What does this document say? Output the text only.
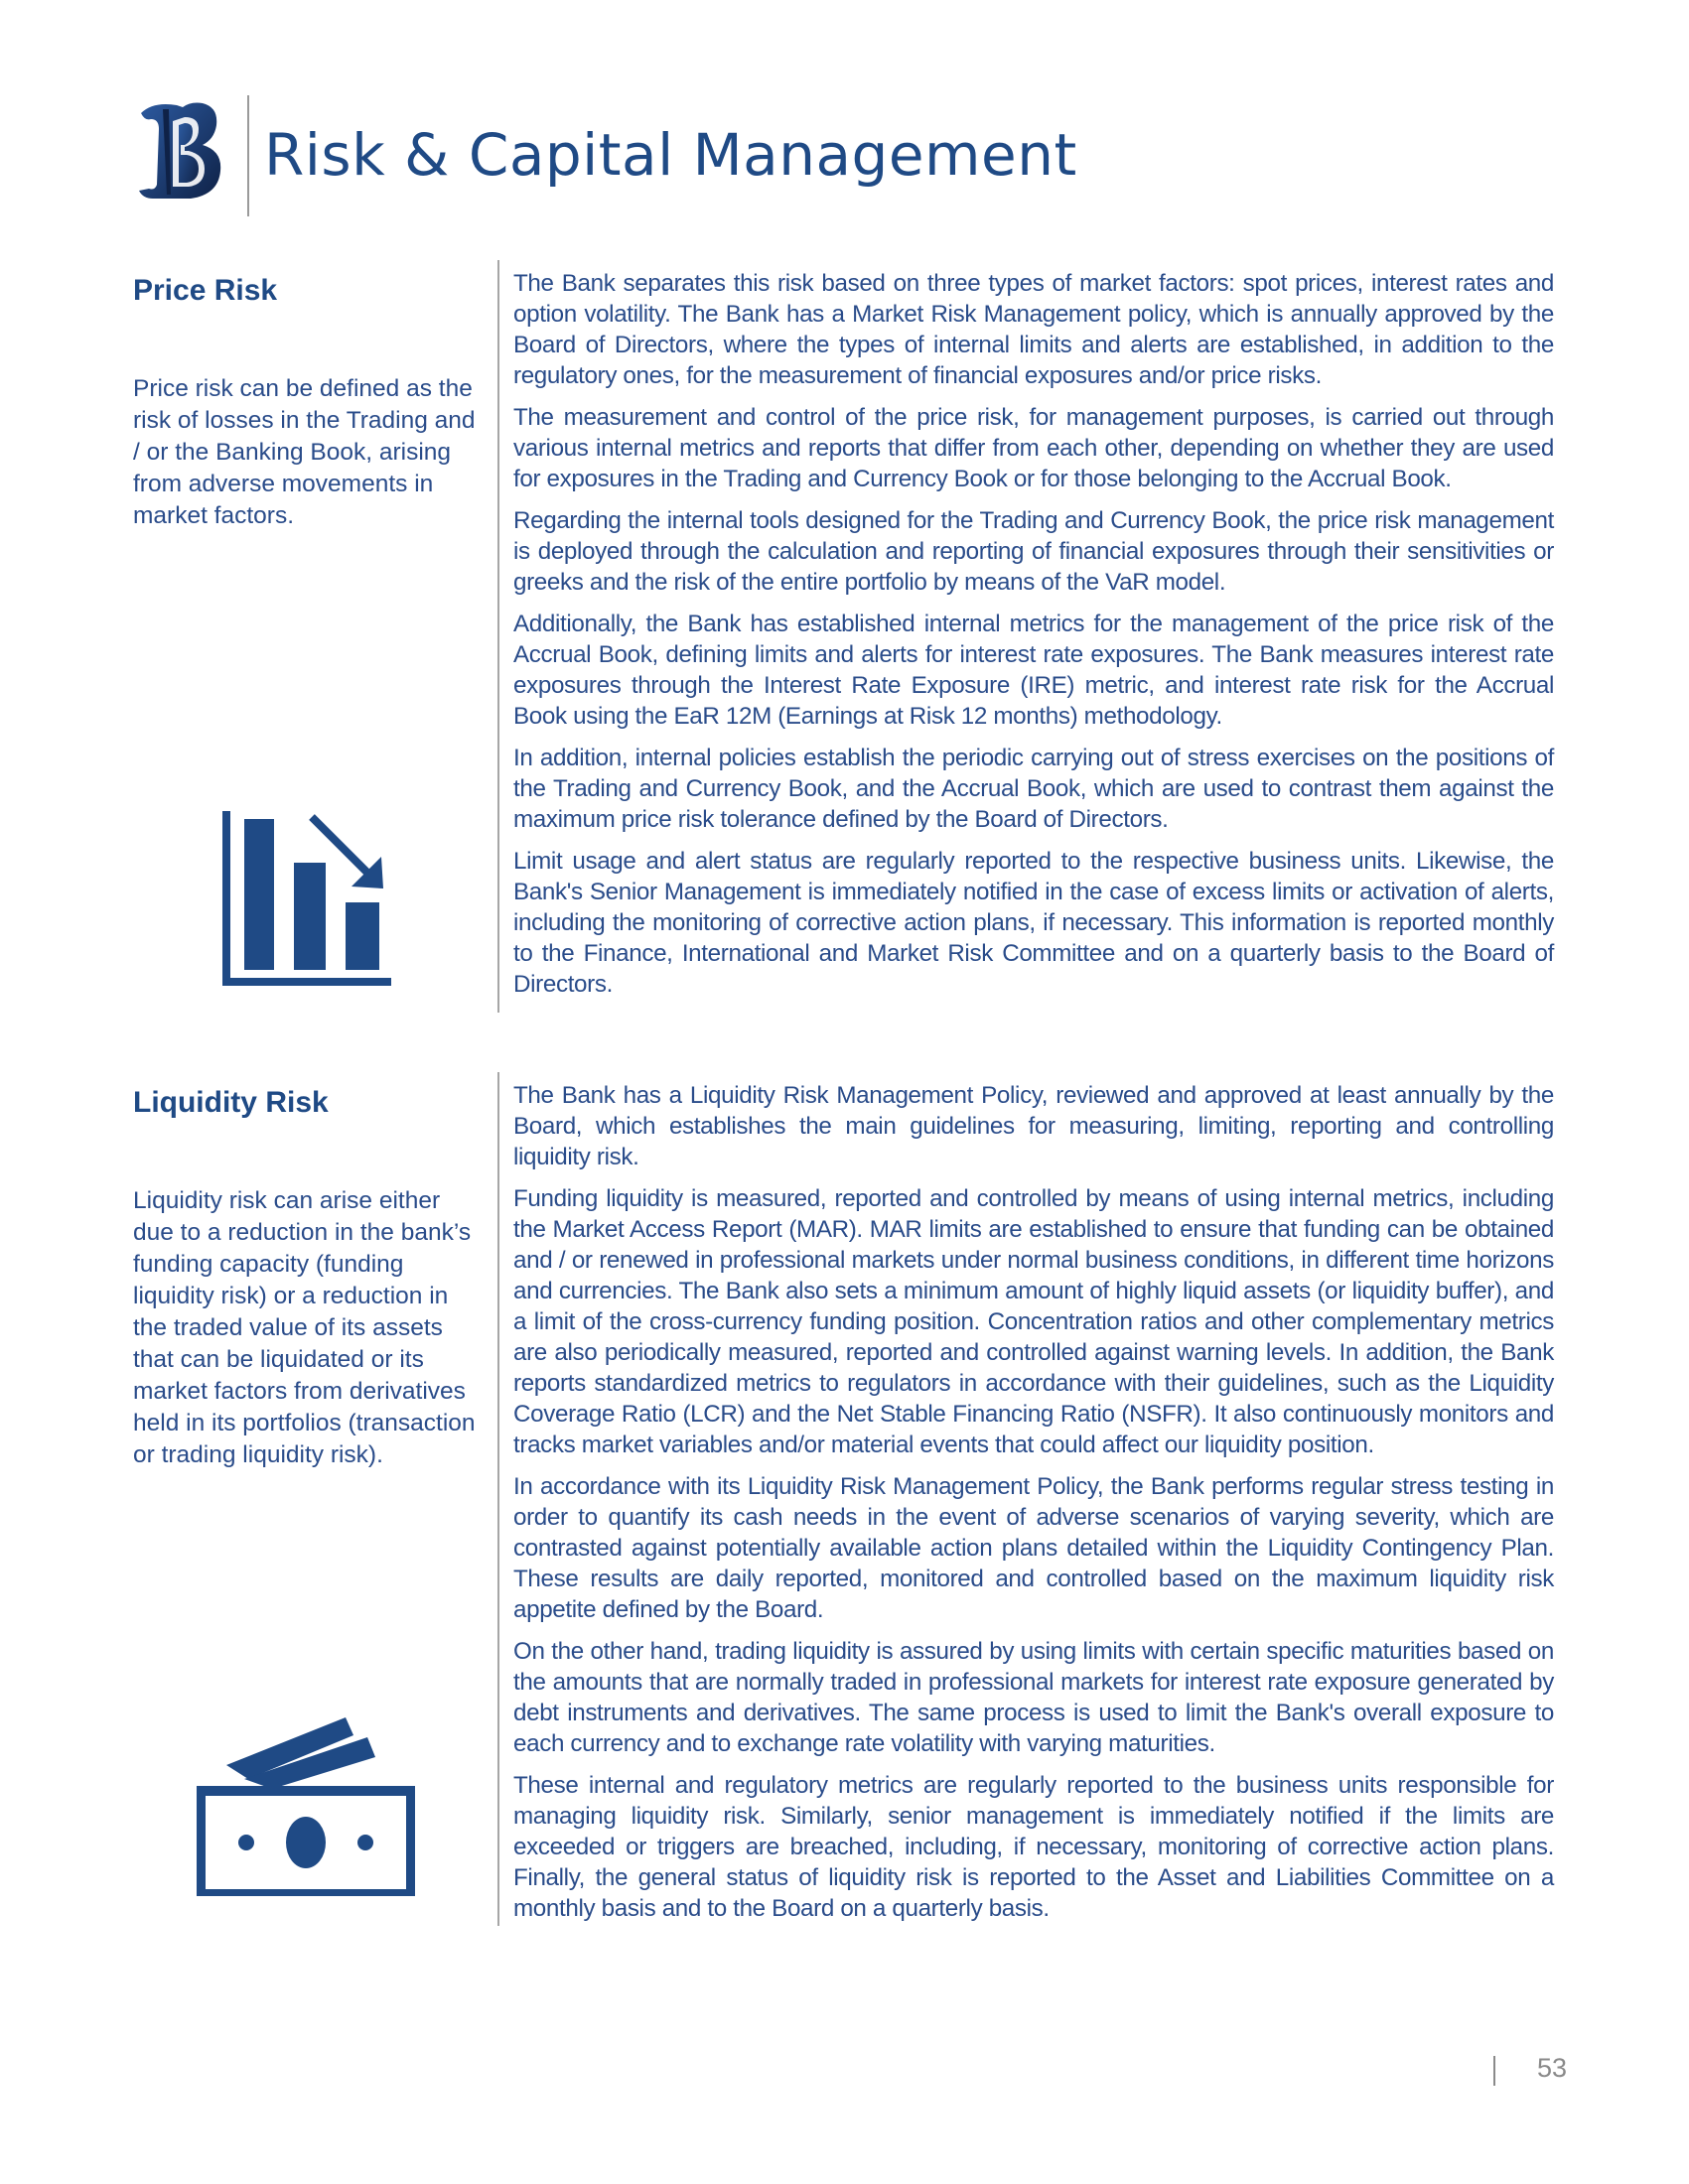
Risk & Capital Management
Price Risk

Price risk can be defined as the risk of losses in the Trading and / or the Banking Book, arising from adverse movements in market factors.

The Bank separates this risk based on three types of market factors: spot prices, interest rates and option volatility. The Bank has a Market Risk Management policy, which is annually approved by the Board of Directors, where the types of internal limits and alerts are established, in addition to the regulatory ones, for the measurement of financial exposures and/or price risks.

The measurement and control of the price risk, for management purposes, is carried out through various internal metrics and reports that differ from each other, depending on whether they are used for exposures in the Trading and Currency Book or for those belonging to the Accrual Book.

Regarding the internal tools designed for the Trading and Currency Book, the price risk management is deployed through the calculation and reporting of financial exposures through their sensitivities or greeks and the risk of the entire portfolio by means of the VaR model.

Additionally, the Bank has established internal metrics for the management of the price risk of the Accrual Book, defining limits and alerts for interest rate exposures. The Bank measures interest rate exposures through the Interest Rate Exposure (IRE) metric, and interest rate risk for the Accrual Book using the EaR 12M (Earnings at Risk 12 months) methodology.

In addition, internal policies establish the periodic carrying out of stress exercises on the positions of the Trading and Currency Book, and the Accrual Book, which are used to contrast them against the maximum price risk tolerance defined by the Board of Directors.

Limit usage and alert status are regularly reported to the respective business units. Likewise, the Bank's Senior Management is immediately notified in the case of excess limits or activation of alerts, including the monitoring of corrective action plans, if necessary. This information is reported monthly to the Finance, International and Market Risk Committee and on a quarterly basis to the Board of Directors.

Liquidity Risk

Liquidity risk can arise either due to a reduction in the bank’s funding capacity (funding liquidity risk) or a reduction in the traded value of its assets that can be liquidated or its market factors from derivatives held in its portfolios (transaction or trading liquidity risk).

The Bank has a Liquidity Risk Management Policy, reviewed and approved at least annually by the Board, which establishes the main guidelines for measuring, limiting, reporting and controlling liquidity risk.

Funding liquidity is measured, reported and controlled by means of using internal metrics, including the Market Access Report (MAR). MAR limits are established to ensure that funding can be obtained and / or renewed in professional markets under normal business conditions, in different time horizons and currencies. The Bank also sets a minimum amount of highly liquid assets (or liquidity buffer), and a limit of the cross-currency funding position. Concentration ratios and other complementary metrics are also periodically measured, reported and controlled against warning levels. In addition, the Bank reports standardized metrics to regulators in accordance with their guidelines, such as the Liquidity Coverage Ratio (LCR) and the Net Stable Financing Ratio (NSFR). It also continuously monitors and tracks market variables and/or material events that could affect our liquidity position.

In accordance with its Liquidity Risk Management Policy, the Bank performs regular stress testing in order to quantify its cash needs in the event of adverse scenarios of varying severity, which are contrasted against potentially available action plans detailed within the Liquidity Contingency Plan. These results are daily reported, monitored and controlled based on the maximum liquidity risk appetite defined by the Board.

On the other hand, trading liquidity is assured by using limits with certain specific maturities based on the amounts that are normally traded in professional markets for interest rate exposure generated by debt instruments and derivatives. The same process is used to limit the Bank's overall exposure to each currency and to exchange rate volatility with varying maturities.

These internal and regulatory metrics are regularly reported to the business units responsible for managing liquidity risk. Similarly, senior management is immediately notified if the limits are exceeded or triggers are breached, including, if necessary, monitoring of corrective action plans. Finally, the general status of liquidity risk is reported to the Asset and Liabilities Committee on a monthly basis and to the Board on a quarterly basis.

53
